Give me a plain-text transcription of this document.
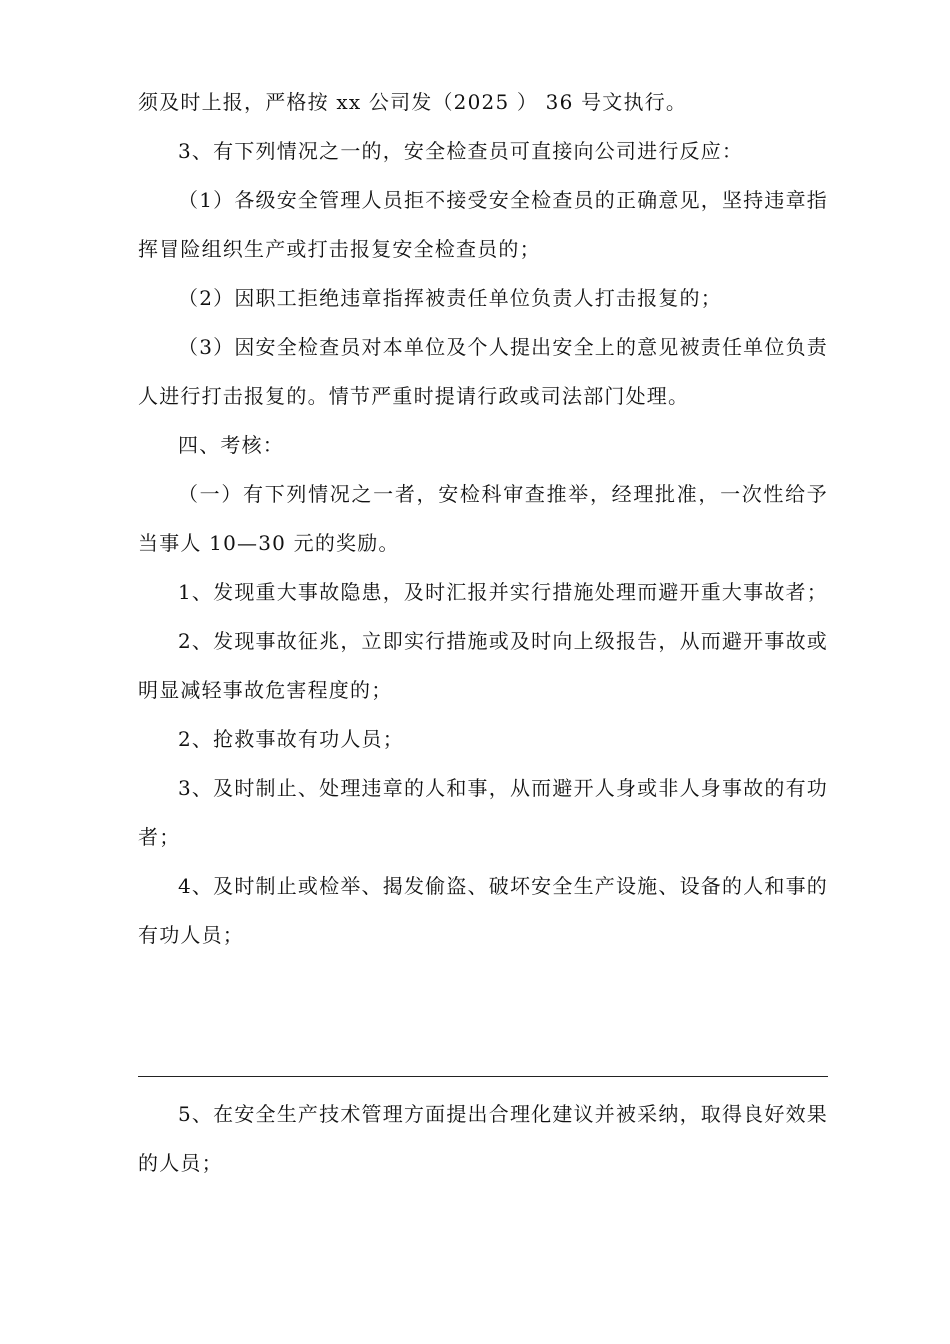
须及时上报，严格按 xx 公司发（2025 ） 36 号文执行。

3、有下列情况之一的，安全检查员可直接向公司进行反应：

（1）各级安全管理人员拒不接受安全检查员的正确意见，坚持违章指挥冒险组织生产或打击报复安全检查员的；

（2）因职工拒绝违章指挥被责任单位负责人打击报复的；

（3）因安全检查员对本单位及个人提出安全上的意见被责任单位负责人进行打击报复的。情节严重时提请行政或司法部门处理。

四、考核：

（一）有下列情况之一者，安检科审查推举，经理批准，一次性给予当事人 10—30 元的奖励。

1、发现重大事故隐患，及时汇报并实行措施处理而避开重大事故者；

2、发现事故征兆，立即实行措施或及时向上级报告，从而避开事故或明显减轻事故危害程度的；

2、抢救事故有功人员；

3、及时制止、处理违章的人和事，从而避开人身或非人身事故的有功者；

4、及时制止或检举、揭发偷盗、破坏安全生产设施、设备的人和事的有功人员；

5、在安全生产技术管理方面提出合理化建议并被采纳，取得良好效果的人员；
